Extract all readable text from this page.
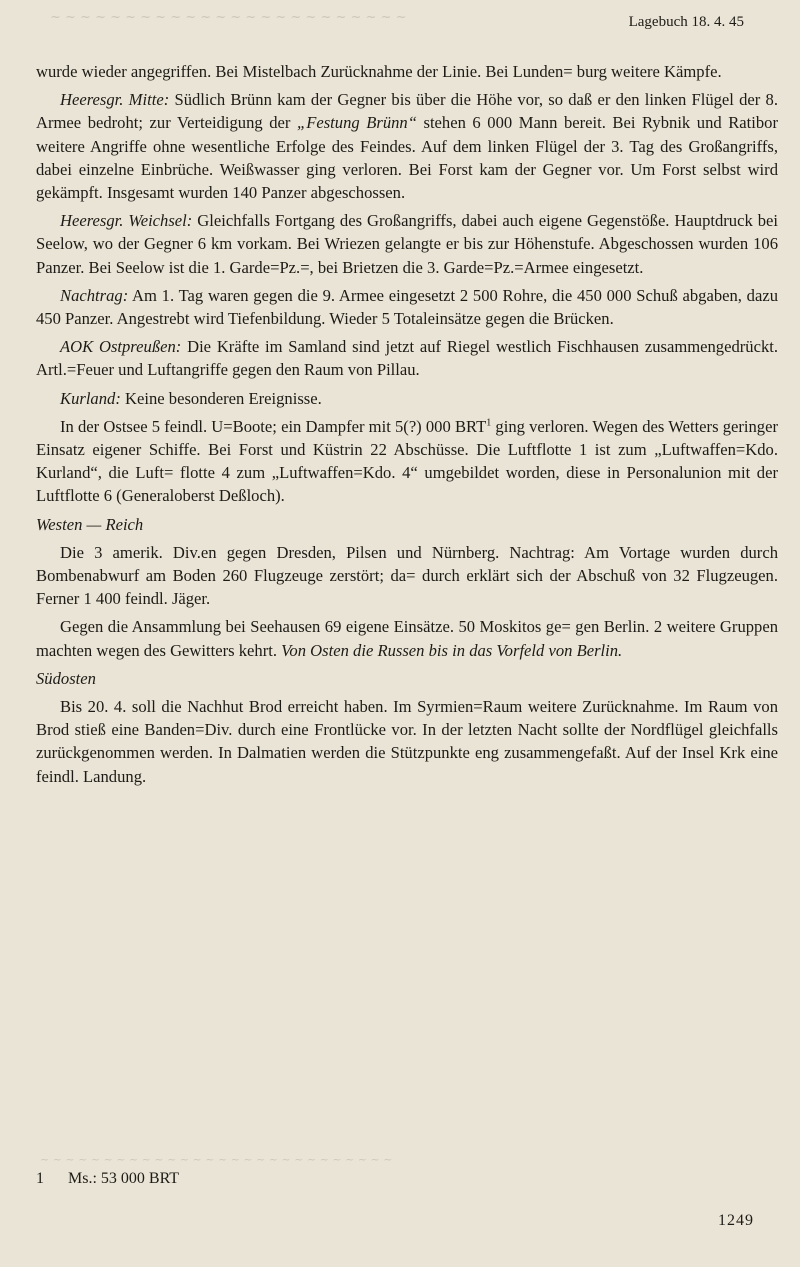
~ ~ ~ ~ ~ ~ ~ ~ ~ ~ ~ ~ ~ ~ ~ ~ ~ ~ ~ ~ ~ ~ ~ ~	Lagebuch 18. 4. 45

wurde wieder angegriffen. Bei Mistelbach Zurücknahme der Linie. Bei Lunden= burg weitere Kämpfe.

Heeresgr. Mitte: Südlich Brünn kam der Gegner bis über die Höhe vor, so daß er den linken Flügel der 8. Armee bedroht; zur Verteidigung der „Festung Brünn“ stehen 6 000 Mann bereit. Bei Rybnik und Ratibor weitere Angriffe ohne wesentliche Erfolge des Feindes. Auf dem linken Flügel der 3. Tag des Großangriffs, dabei einzelne Einbrüche. Weißwasser ging verloren. Bei Forst kam der Gegner vor. Um Forst selbst wird gekämpft. Insgesamt wurden 140 Panzer abgeschossen.

Heeresgr. Weichsel: Gleichfalls Fortgang des Großangriffs, dabei auch eigene Gegenstöße. Hauptdruck bei Seelow, wo der Gegner 6 km vorkam. Bei Wriezen gelangte er bis zur Höhenstufe. Abgeschossen wurden 106 Panzer. Bei Seelow ist die 1. Garde=Pz.=, bei Brietzen die 3. Garde=Pz.=Armee eingesetzt.

Nachtrag: Am 1. Tag waren gegen die 9. Armee eingesetzt 2 500 Rohre, die 450 000 Schuß abgaben, dazu 450 Panzer. Angestrebt wird Tiefenbildung. Wieder 5 Totaleinsätze gegen die Brücken.

AOK Ostpreußen: Die Kräfte im Samland sind jetzt auf Riegel westlich Fischhausen zusammengedrückt. Artl.=Feuer und Luftangriffe gegen den Raum von Pillau.

Kurland: Keine besonderen Ereignisse.

In der Ostsee 5 feindl. U=Boote; ein Dampfer mit 5(?) 000 BRT$^1$ ging verloren. Wegen des Wetters geringer Einsatz eigener Schiffe. Bei Forst und Küstrin 22 Abschüsse. Die Luftflotte 1 ist zum „Luftwaffen=Kdo. Kurland“, die Luft= flotte 4 zum „Luftwaffen=Kdo. 4“ umgebildet worden, diese in Personalunion mit der Luftflotte 6 (Generaloberst Deßloch).

Westen — Reich

Die 3 amerik. Div.en gegen Dresden, Pilsen und Nürnberg. Nachtrag: Am Vortage wurden durch Bombenabwurf am Boden 260 Flugzeuge zerstört; da= durch erklärt sich der Abschuß von 32 Flugzeugen. Ferner 1 400 feindl. Jäger.

Gegen die Ansammlung bei Seehausen 69 eigene Einsätze. 50 Moskitos ge= gen Berlin. 2 weitere Gruppen machten wegen des Gewitters kehrt. Von Osten die Russen bis in das Vorfeld von Berlin.

Südosten

Bis 20. 4. soll die Nachhut Brod erreicht haben. Im Syrmien=Raum weitere Zurücknahme. Im Raum von Brod stieß eine Banden=Div. durch eine Frontlücke vor. In der letzten Nacht sollte der Nordflügel gleichfalls zurückgenommen werden. In Dalmatien werden die Stützpunkte eng zusammengefaßt. Auf der Insel Krk eine feindl. Landung.

~ ~ ~ ~ ~ ~ ~ ~ ~ ~ ~ ~ ~ ~ ~ ~ ~ ~ ~ ~ ~ ~ ~ ~ ~ ~ ~ ~
1 Ms.: 53 000 BRT
1249
